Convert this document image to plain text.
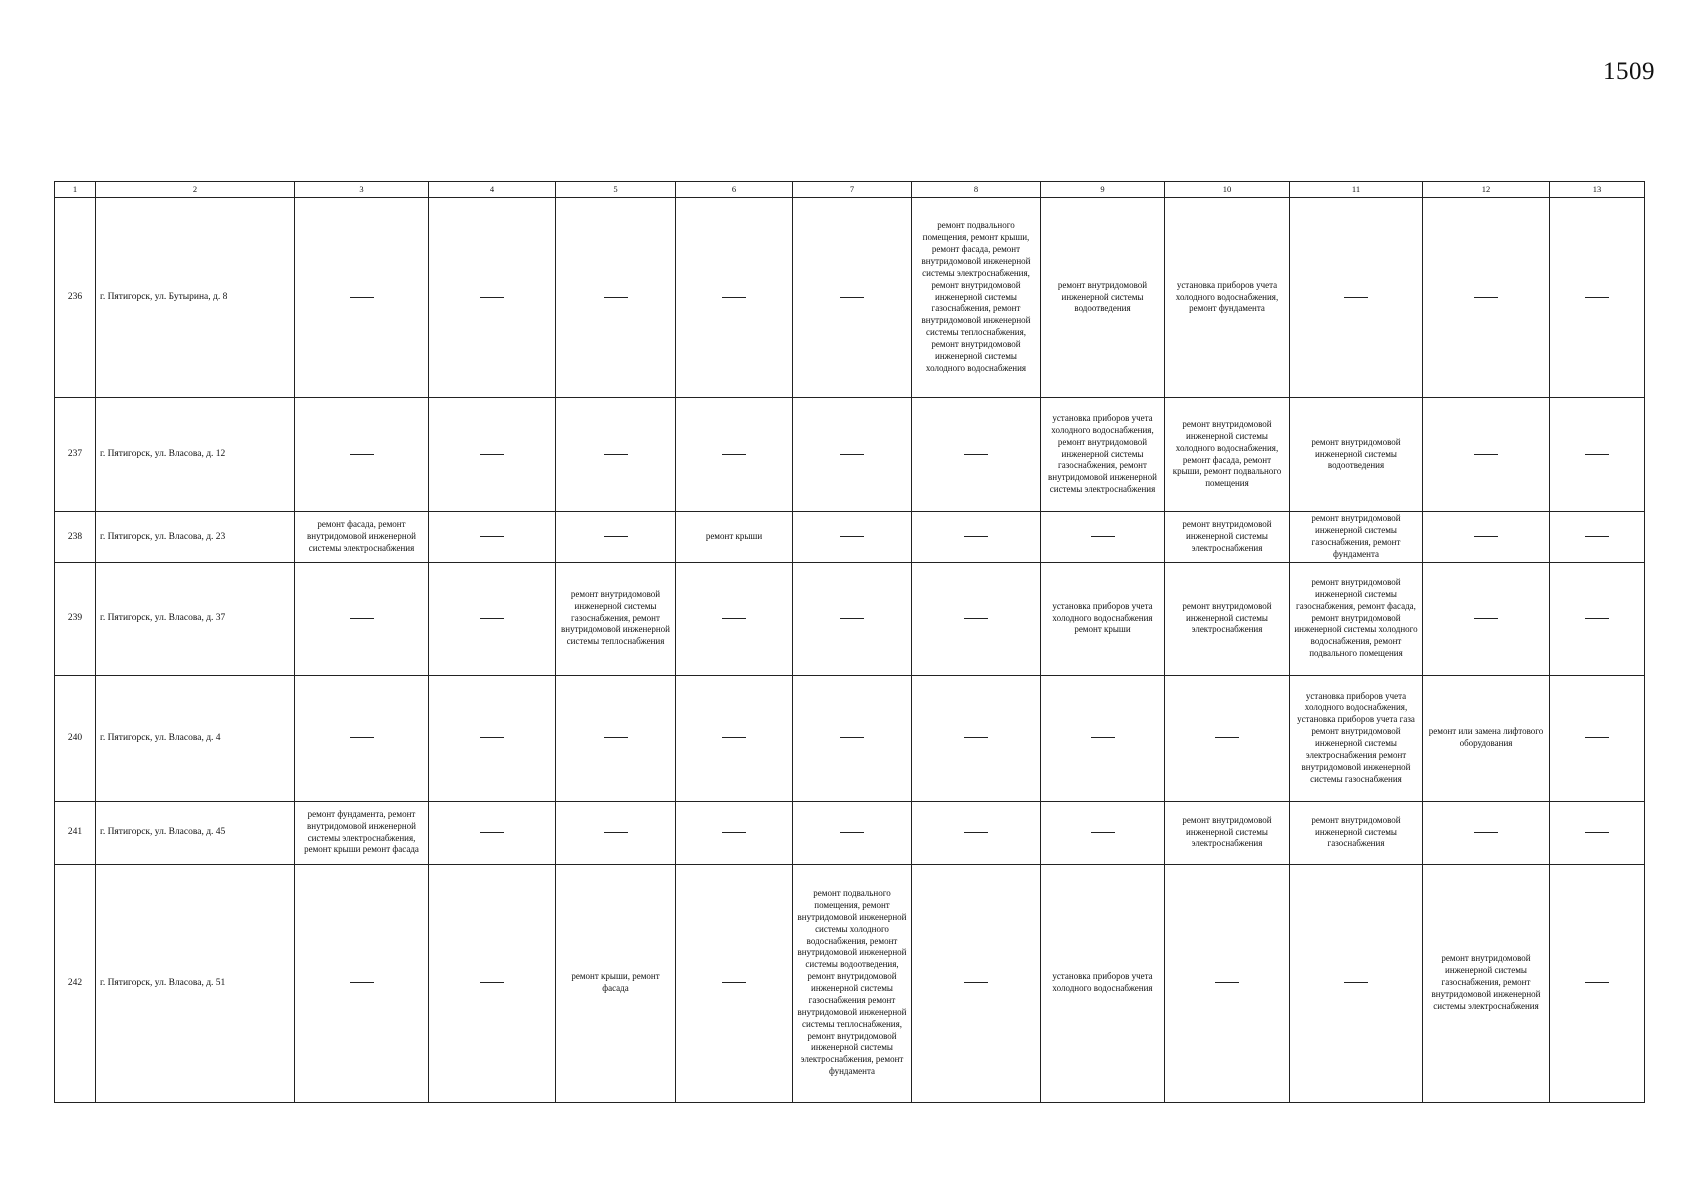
1509
1	2	3	4	5	6	7	8	9	10	11	12	13
236	г. Пятигорск, ул. Бутырина, д. 8						ремонт подвального помещения, ремонт крыши, ремонт фасада, ремонт внутридомовой инженерной системы электроснабжения, ремонт внутридомовой инженерной системы газоснабжения, ремонт внутридомовой инженерной системы теплоснабжения, ремонт внутридомовой инженерной системы холодного водоснабжения	ремонт внутридомовой инженерной системы водоотведения	установка приборов учета холодного водоснабжения, ремонт фундамента			
237	г. Пятигорск, ул. Власова, д. 12							установка приборов учета холодного водоснабжения, ремонт внутридомовой инженерной системы газоснабжения, ремонт внутридомовой инженерной системы электроснабжения	ремонт внутридомовой инженерной системы холодного водоснабжения, ремонт фасада, ремонт крыши, ремонт подвального помещения	ремонт внутридомовой инженерной системы водоотведения		
238	г. Пятигорск, ул. Власова, д. 23	ремонт фасада, ремонт внутридомовой инженерной системы электроснабжения			ремонт крыши				ремонт внутридомовой инженерной системы электроснабжения	ремонт внутридомовой инженерной системы газоснабжения, ремонт фундамента		
239	г. Пятигорск, ул. Власова, д. 37			ремонт внутридомовой инженерной системы газоснабжения, ремонт внутридомовой инженерной системы теплоснабжения				установка приборов учета холодного водоснабжения ремонт крыши	ремонт внутридомовой инженерной системы электроснабжения	ремонт внутридомовой инженерной системы газоснабжения, ремонт фасада, ремонт внутридомовой инженерной системы холодного водоснабжения, ремонт подвального помещения		
240	г. Пятигорск, ул. Власова, д. 4									установка приборов учета холодного водоснабжения, установка приборов учета газа ремонт внутридомовой инженерной системы электроснабжения ремонт внутридомовой инженерной системы газоснабжения	ремонт или замена лифтового оборудования	
241	г. Пятигорск, ул. Власова, д. 45	ремонт фундамента, ремонт внутридомовой инженерной системы электроснабжения, ремонт крыши ремонт фасада							ремонт внутридомовой инженерной системы электроснабжения	ремонт внутридомовой инженерной системы газоснабжения		
242	г. Пятигорск, ул. Власова, д. 51			ремонт крыши, ремонт фасада		ремонт подвального помещения, ремонт внутридомовой инженерной системы холодного водоснабжения, ремонт внутридомовой инженерной системы водоотведения, ремонт внутридомовой инженерной системы газоснабжения ремонт внутридомовой инженерной системы теплоснабжения, ремонт внутридомовой инженерной системы электроснабжения, ремонт фундамента		установка приборов учета холодного водоснабжения			ремонт внутридомовой инженерной системы газоснабжения, ремонт внутридомовой инженерной системы электроснабжения	
